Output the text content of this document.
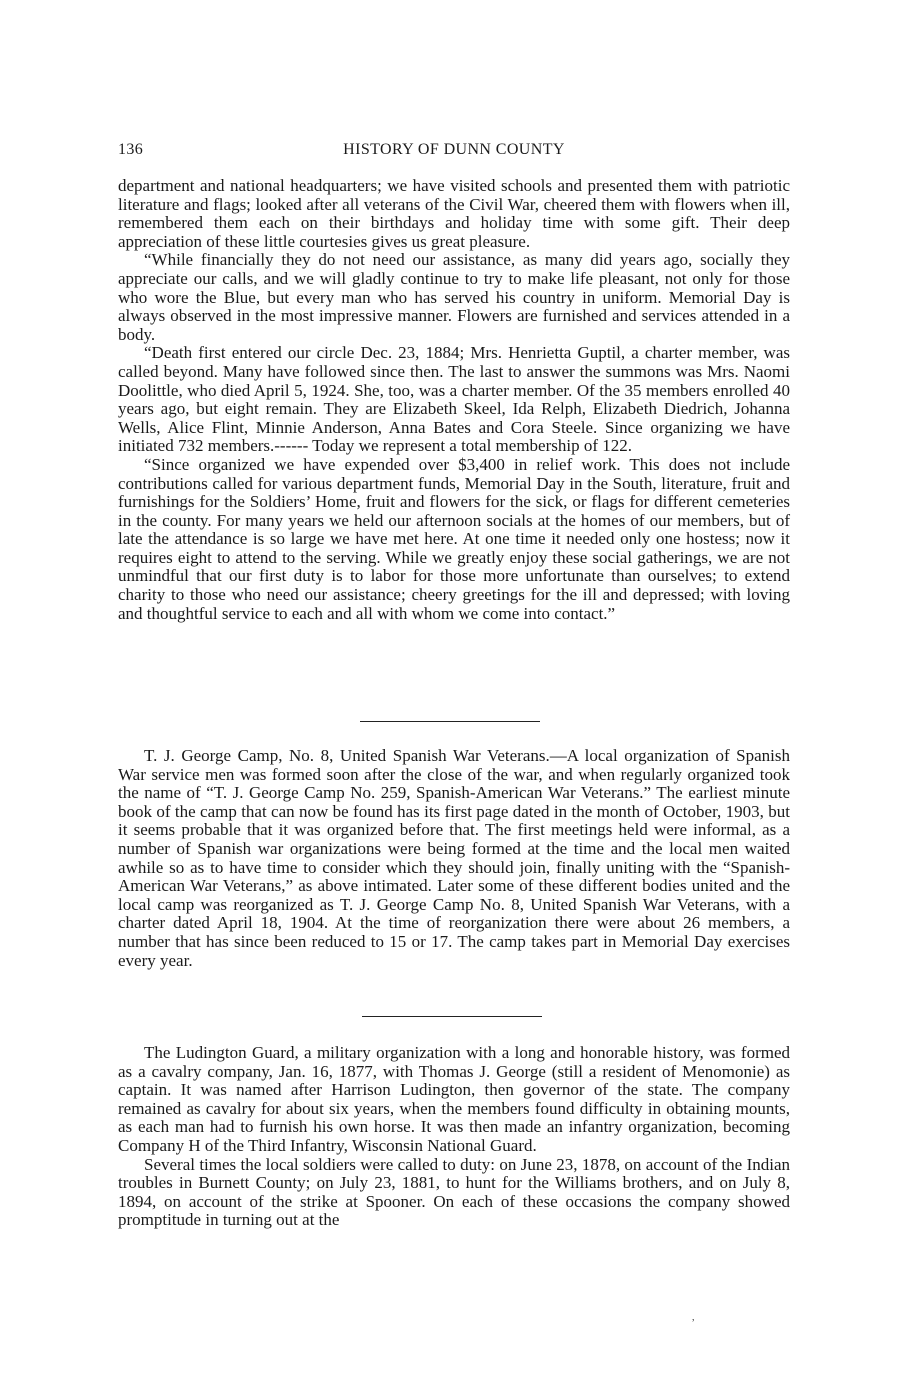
136	HISTORY OF DUNN COUNTY

department and national headquarters; we have visited schools and presented them with patriotic literature and flags; looked after all veterans of the Civil War, cheered them with flowers when ill, remembered them each on their birthdays and holiday time with some gift. Their deep appreciation of these little courtesies gives us great pleasure.

“While financially they do not need our assistance, as many did years ago, socially they appreciate our calls, and we will gladly continue to try to make life pleasant, not only for those who wore the Blue, but every man who has served his country in uniform. Memorial Day is always observed in the most impressive manner. Flowers are furnished and services attended in a body.

“Death first entered our circle Dec. 23, 1884; Mrs. Henrietta Guptil, a charter member, was called beyond. Many have followed since then. The last to answer the summons was Mrs. Naomi Doolittle, who died April 5, 1924. She, too, was a charter member. Of the 35 members enrolled 40 years ago, but eight remain. They are Elizabeth Skeel, Ida Relph, Elizabeth Diedrich, Johanna Wells, Alice Flint, Minnie Anderson, Anna Bates and Cora Steele. Since organizing we have initiated 732 members.------ Today we represent a total membership of 122.

“Since organized we have expended over $3,400 in relief work. This does not include contributions called for various department funds, Memorial Day in the South, literature, fruit and furnishings for the Soldiers’ Home, fruit and flowers for the sick, or flags for different cemeteries in the county. For many years we held our afternoon socials at the homes of our members, but of late the attendance is so large we have met here. At one time it needed only one hostess; now it requires eight to attend to the serving. While we greatly enjoy these social gatherings, we are not unmindful that our first duty is to labor for those more unfortunate than ourselves; to extend charity to those who need our assistance; cheery greetings for the ill and depressed; with loving and thoughtful service to each and all with whom we come into contact.”

T. J. George Camp, No. 8, United Spanish War Veterans.—A local organization of Spanish War service men was formed soon after the close of the war, and when regularly organized took the name of “T. J. George Camp No. 259, Spanish-American War Veterans.” The earliest minute book of the camp that can now be found has its first page dated in the month of October, 1903, but it seems probable that it was organized before that. The first meetings held were informal, as a number of Spanish war organizations were being formed at the time and the local men waited awhile so as to have time to consider which they should join, finally uniting with the “Spanish-American War Veterans,” as above intimated. Later some of these different bodies united and the local camp was reorganized as T. J. George Camp No. 8, United Spanish War Veterans, with a charter dated April 18, 1904. At the time of reorganization there were about 26 members, a number that has since been reduced to 15 or 17. The camp takes part in Memorial Day exercises every year.

The Ludington Guard, a military organization with a long and honorable history, was formed as a cavalry company, Jan. 16, 1877, with Thomas J. George (still a resident of Menomonie) as captain. It was named after Harrison Ludington, then governor of the state. The company remained as cavalry for about six years, when the members found difficulty in obtaining mounts, as each man had to furnish his own horse. It was then made an infantry organization, becoming Company H of the Third Infantry, Wisconsin National Guard.

Several times the local soldiers were called to duty: on June 23, 1878, on account of the Indian troubles in Burnett County; on July 23, 1881, to hunt for the Williams brothers, and on July 8, 1894, on account of the strike at Spooner. On each of these occasions the company showed promptitude in turning out at the

,
